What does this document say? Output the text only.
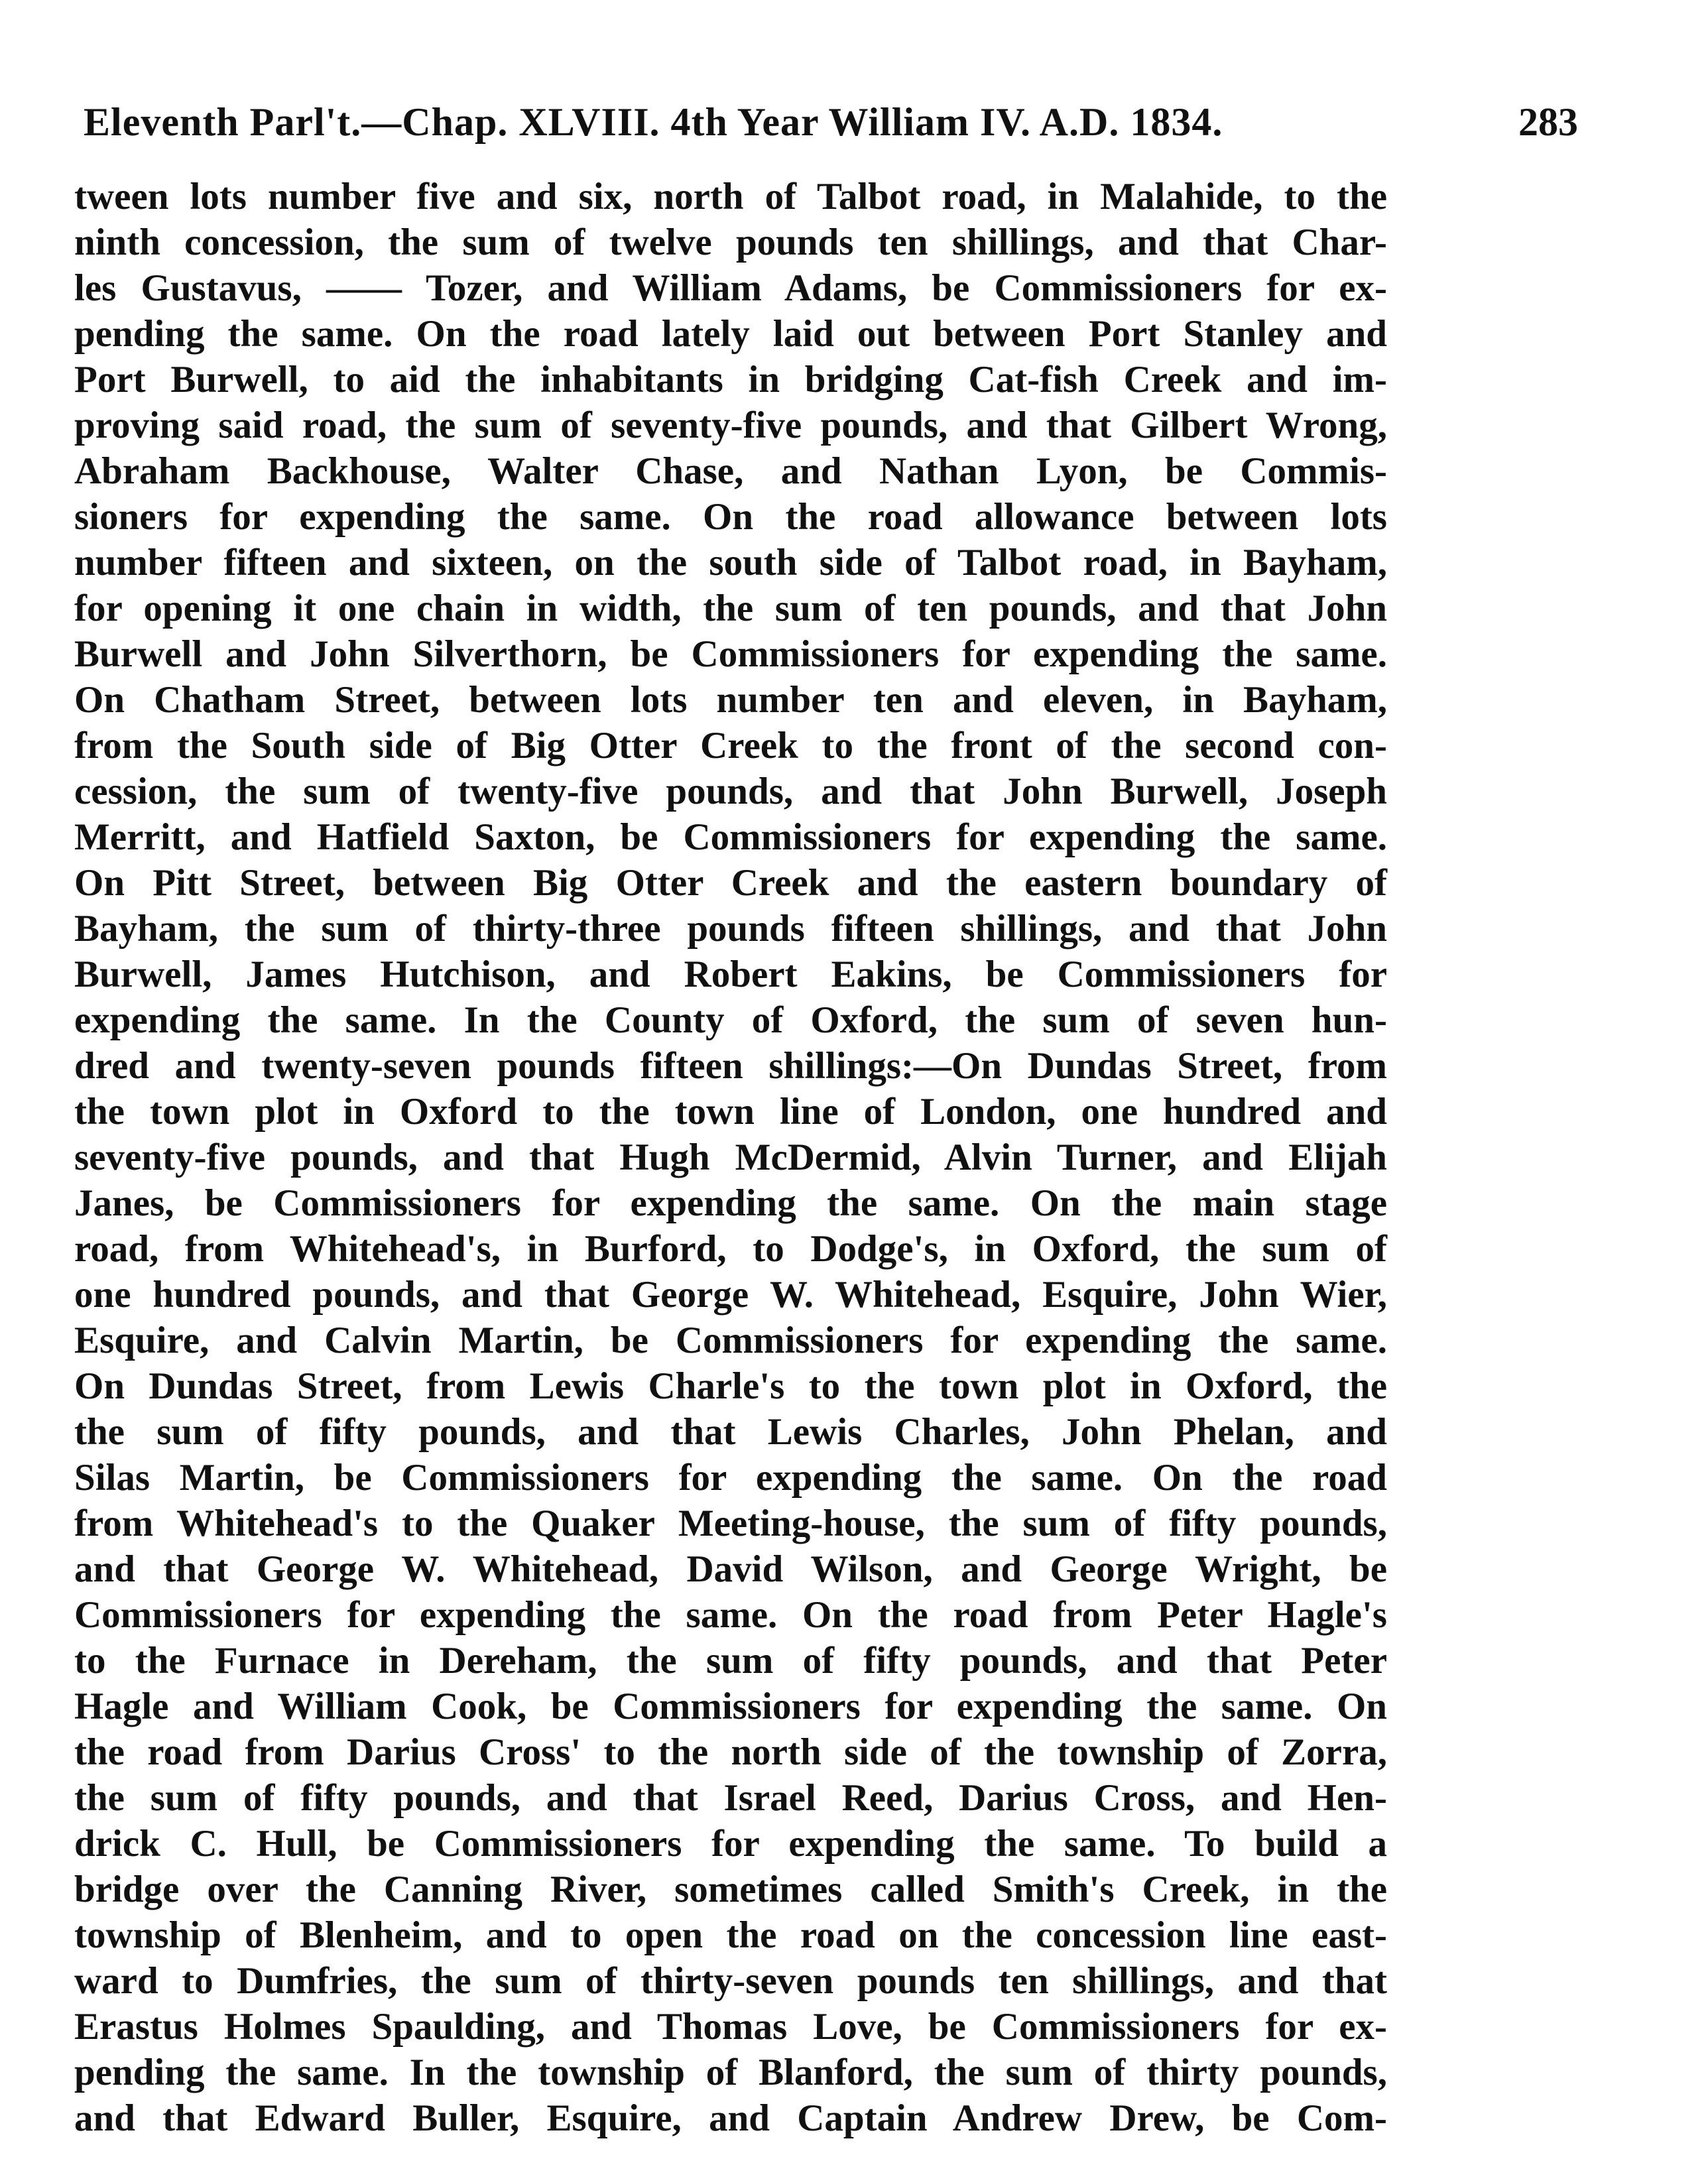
Eleventh Parl't.—Chap. XLVIII. 4th Year William IV. A.D. 1834.	283
tween lots number five and six, north of Talbot road, in Malahide, to the
ninth concession, the sum of twelve pounds ten shillings, and that Char-
les Gustavus, —— Tozer, and William Adams, be Commissioners for ex-
pending the same. On the road lately laid out between Port Stanley and
Port Burwell, to aid the inhabitants in bridging Cat-fish Creek and im-
proving said road, the sum of seventy-five pounds, and that Gilbert Wrong,
Abraham Backhouse, Walter Chase, and Nathan Lyon, be Commis-
sioners for expending the same. On the road allowance between lots
number fifteen and sixteen, on the south side of Talbot road, in Bayham,
for opening it one chain in width, the sum of ten pounds, and that John
Burwell and John Silverthorn, be Commissioners for expending the same.
On Chatham Street, between lots number ten and eleven, in Bayham,
from the South side of Big Otter Creek to the front of the second con-
cession, the sum of twenty-five pounds, and that John Burwell, Joseph
Merritt, and Hatfield Saxton, be Commissioners for expending the same.
On Pitt Street, between Big Otter Creek and the eastern boundary of
Bayham, the sum of thirty-three pounds fifteen shillings, and that John
Burwell, James Hutchison, and Robert Eakins, be Commissioners for
expending the same. In the County of Oxford, the sum of seven hun-
dred and twenty-seven pounds fifteen shillings:—On Dundas Street, from
the town plot in Oxford to the town line of London, one hundred and
seventy-five pounds, and that Hugh McDermid, Alvin Turner, and Elijah
Janes, be Commissioners for expending the same. On the main stage
road, from Whitehead's, in Burford, to Dodge's, in Oxford, the sum of
one hundred pounds, and that George W. Whitehead, Esquire, John Wier,
Esquire, and Calvin Martin, be Commissioners for expending the same.
On Dundas Street, from Lewis Charle's to the town plot in Oxford, the
the sum of fifty pounds, and that Lewis Charles, John Phelan, and
Silas Martin, be Commissioners for expending the same. On the road
from Whitehead's to the Quaker Meeting-house, the sum of fifty pounds,
and that George W. Whitehead, David Wilson, and George Wright, be
Commissioners for expending the same. On the road from Peter Hagle's
to the Furnace in Dereham, the sum of fifty pounds, and that Peter
Hagle and William Cook, be Commissioners for expending the same. On
the road from Darius Cross' to the north side of the township of Zorra,
the sum of fifty pounds, and that Israel Reed, Darius Cross, and Hen-
drick C. Hull, be Commissioners for expending the same. To build a
bridge over the Canning River, sometimes called Smith's Creek, in the
township of Blenheim, and to open the road on the concession line east-
ward to Dumfries, the sum of thirty-seven pounds ten shillings, and that
Erastus Holmes Spaulding, and Thomas Love, be Commissioners for ex-
pending the same. In the township of Blanford, the sum of thirty pounds,
and that Edward Buller, Esquire, and Captain Andrew Drew, be Com-
